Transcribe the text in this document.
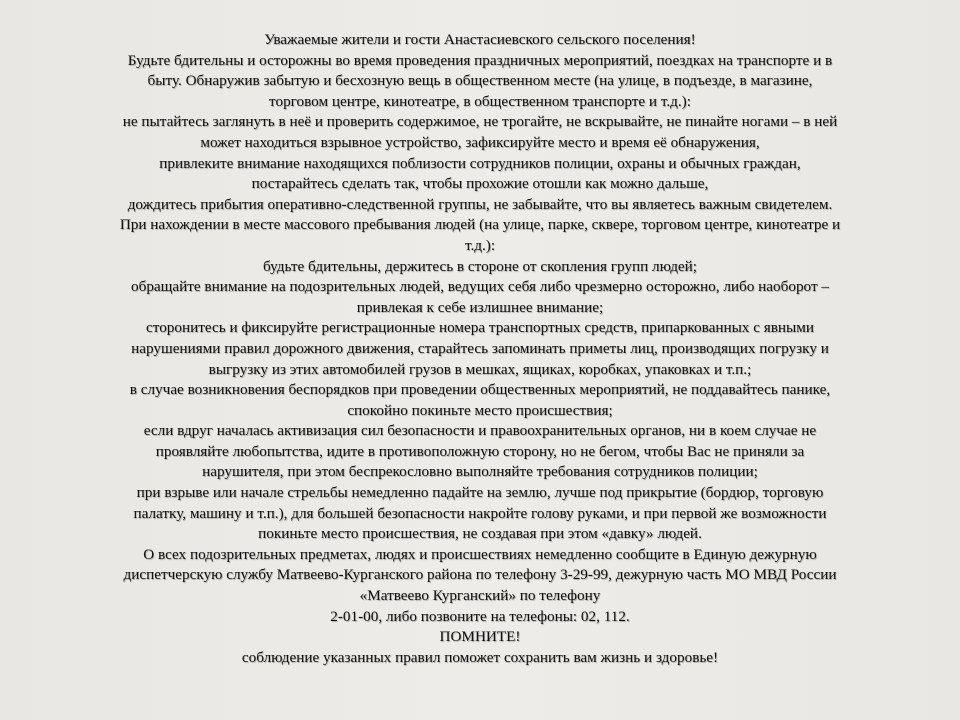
Уважаемые жители и гости Анастасиевского сельского поселения!
Будьте бдительны и осторожны во время проведения праздничных мероприятий, поездках на транспорте и в
быту. Обнаружив забытую и бесхозную вещь в общественном месте (на улице, в подъезде, в магазине,
торговом центре, кинотеатре, в общественном транспорте и т.д.):
не пытайтесь заглянуть в неё и проверить содержимое, не трогайте, не вскрывайте, не пинайте ногами – в ней
может находиться взрывное устройство, зафиксируйте место и время её обнаружения,
привлеките внимание находящихся поблизости сотрудников полиции, охраны и обычных граждан,
постарайтесь сделать так, чтобы прохожие отошли как можно дальше,
дождитесь прибытия оперативно-следственной группы, не забывайте, что вы являетесь важным свидетелем.
При нахождении в месте массового пребывания людей (на улице, парке, сквере, торговом центре, кинотеатре и
т.д.):
будьте бдительны, держитесь в стороне от скопления групп людей;
обращайте внимание на подозрительных людей, ведущих себя либо чрезмерно осторожно, либо наоборот –
привлекая к себе излишнее внимание;
сторонитесь и фиксируйте регистрационные номера транспортных средств, припаркованных с явными
нарушениями правил дорожного движения, старайтесь запоминать приметы лиц, производящих погрузку и
выгрузку из этих автомобилей грузов в мешках, ящиках, коробках, упаковках и т.п.;
в случае возникновения беспорядков при проведении общественных мероприятий, не поддавайтесь панике,
спокойно покиньте место происшествия;
если вдруг началась активизация сил безопасности и правоохранительных органов, ни в коем случае не
проявляйте любопытства, идите в противоположную сторону, но не бегом, чтобы Вас не приняли за
нарушителя, при этом беспрекословно выполняйте требования сотрудников полиции;
при взрыве или начале стрельбы немедленно падайте на землю, лучше под прикрытие (бордюр, торговую
палатку, машину и т.п.), для большей безопасности накройте голову руками, и при первой же возможности
покиньте место происшествия, не создавая при этом «давку» людей.
О всех подозрительных предметах, людях и происшествиях немедленно сообщите в Единую дежурную
диспетчерскую службу Матвеево-Курганского района по телефону 3-29-99, дежурную часть МО МВД России
«Матвеево Курганский» по телефону
2-01-00, либо позвоните на телефоны: 02, 112.
ПОМНИТЕ!
соблюдение указанных правил поможет сохранить вам жизнь и здоровье!
